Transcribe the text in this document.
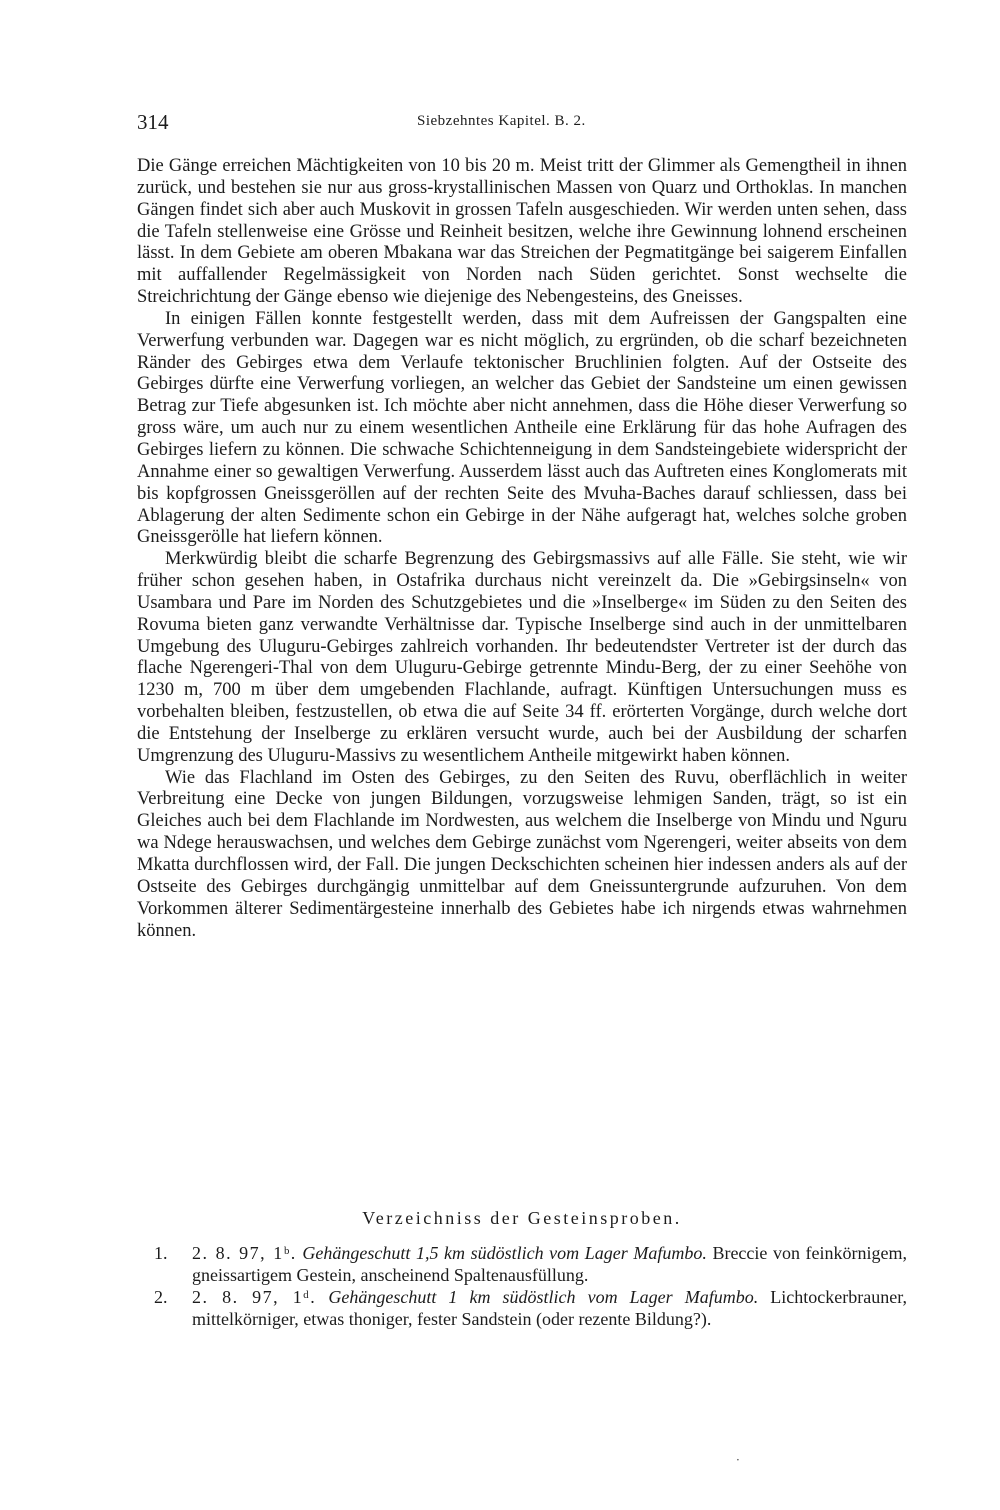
314	Siebzehntes Kapitel. B. 2.

Die Gänge erreichen Mächtigkeiten von 10 bis 20 m. Meist tritt der Glimmer als Gemengtheil in ihnen zurück, und bestehen sie nur aus gross-krystallinischen Massen von Quarz und Orthoklas. In manchen Gängen findet sich aber auch Muskovit in grossen Tafeln ausgeschieden. Wir werden unten sehen, dass die Tafeln stellenweise eine Grösse und Reinheit besitzen, welche ihre Gewinnung lohnend erscheinen lässt. In dem Gebiete am oberen Mbakana war das Streichen der Pegmatitgänge bei saigerem Einfallen mit auffallender Regelmässigkeit von Norden nach Süden gerichtet. Sonst wechselte die Streichrichtung der Gänge ebenso wie diejenige des Nebengesteins, des Gneisses.

In einigen Fällen konnte festgestellt werden, dass mit dem Aufreissen der Gangspalten eine Verwerfung verbunden war. Dagegen war es nicht möglich, zu ergründen, ob die scharf bezeichneten Ränder des Gebirges etwa dem Verlaufe tektonischer Bruchlinien folgten. Auf der Ostseite des Gebirges dürfte eine Verwerfung vorliegen, an welcher das Gebiet der Sandsteine um einen gewissen Betrag zur Tiefe abgesunken ist. Ich möchte aber nicht annehmen, dass die Höhe dieser Verwerfung so gross wäre, um auch nur zu einem wesentlichen Antheile eine Erklärung für das hohe Aufragen des Gebirges liefern zu können. Die schwache Schichtenneigung in dem Sandsteingebiete widerspricht der Annahme einer so gewaltigen Verwerfung. Ausserdem lässt auch das Auftreten eines Konglomerats mit bis kopfgrossen Gneissgeröllen auf der rechten Seite des Mvuha-Baches darauf schliessen, dass bei Ablagerung der alten Sedimente schon ein Gebirge in der Nähe aufgeragt hat, welches solche groben Gneissgerölle hat liefern können.

Merkwürdig bleibt die scharfe Begrenzung des Gebirgsmassivs auf alle Fälle. Sie steht, wie wir früher schon gesehen haben, in Ostafrika durchaus nicht vereinzelt da. Die »Gebirgsinseln« von Usambara und Pare im Norden des Schutzgebietes und die »Inselberge« im Süden zu den Seiten des Rovuma bieten ganz verwandte Verhältnisse dar. Typische Inselberge sind auch in der unmittelbaren Umgebung des Uluguru-Gebirges zahlreich vorhanden. Ihr bedeutendster Vertreter ist der durch das flache Ngerengeri-Thal von dem Uluguru-Gebirge getrennte Mindu-Berg, der zu einer Seehöhe von 1230 m, 700 m über dem umgebenden Flachlande, aufragt. Künftigen Untersuchungen muss es vorbehalten bleiben, festzustellen, ob etwa die auf Seite 34 ff. erörterten Vorgänge, durch welche dort die Entstehung der Inselberge zu erklären versucht wurde, auch bei der Ausbildung der scharfen Umgrenzung des Uluguru-Massivs zu wesentlichem Antheile mitgewirkt haben können.

Wie das Flachland im Osten des Gebirges, zu den Seiten des Ruvu, oberflächlich in weiter Verbreitung eine Decke von jungen Bildungen, vorzugsweise lehmigen Sanden, trägt, so ist ein Gleiches auch bei dem Flachlande im Nordwesten, aus welchem die Inselberge von Mindu und Nguru wa Ndege herauswachsen, und welches dem Gebirge zunächst vom Ngerengeri, weiter abseits von dem Mkatta durchflossen wird, der Fall. Die jungen Deckschichten scheinen hier indessen anders als auf der Ostseite des Gebirges durchgängig unmittelbar auf dem Gneissuntergrunde aufzuruhen. Von dem Vorkommen älterer Sedimentärgesteine innerhalb des Gebietes habe ich nirgends etwas wahrnehmen können.

Verzeichniss der Gesteinsproben.
1. 2. 8. 97, 1ᵇ. Gehängeschutt 1,5 km südöstlich vom Lager Mafumbo. Breccie von feinkörnigem, gneissartigem Gestein, anscheinend Spaltenausfüllung.
2. 2. 8. 97, 1ᵈ. Gehängeschutt 1 km südöstlich vom Lager Mafumbo. Lichtockerbrauner, mittelkörniger, etwas thoniger, fester Sandstein (oder rezente Bildung?).
·
